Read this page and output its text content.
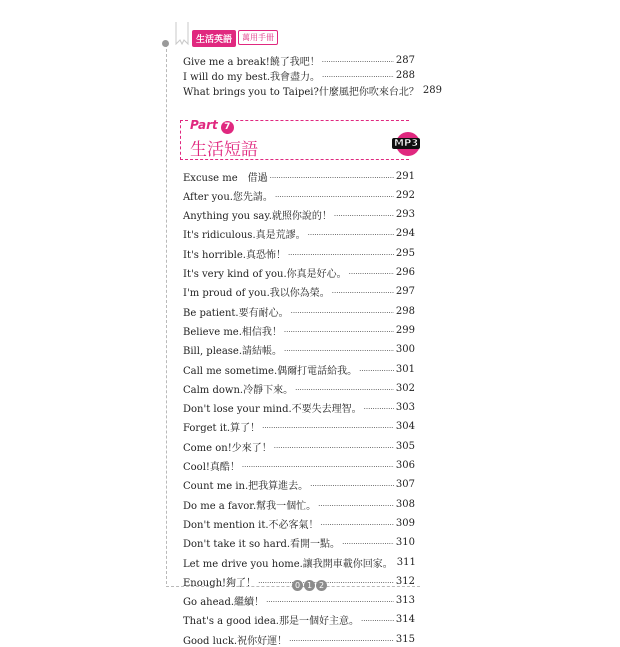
生活英語	萬用手冊
Give me a break!饒了我吧！ .....	287
I will do my best.我會盡力。 .....	288
What brings you to Taipei?什麼風把你吹來台北？ 289
Part 7
生活短語	MP3
Excuse me　借過 .....	291
After you.您先請。 .....	292
Anything you say.就照你說的！ .....	293
It's ridiculous.真是荒謬。 .....	294
It's horrible.真恐怖！ .....	295
It's very kind of you.你真是好心。 .....	296
I'm proud of you.我以你為榮。 .....	297
Be patient.要有耐心。 .....	298
Believe me.相信我！ .....	299
Bill, please.請結帳。 .....	300
Call me sometime.偶爾打電話給我。 .....	301
Calm down.冷靜下來。 .....	302
Don't lose your mind.不要失去理智。 .....	303
Forget it.算了！ .....	304
Come on!少來了！ .....	305
Cool!真酷！ .....	306
Count me in.把我算進去。 .....	307
Do me a favor.幫我一個忙。 .....	308
Don't mention it.不必客氣！ .....	309
Don't take it so hard.看開一點。 .....	310
Let me drive you home.讓我開車載你回家。 311
Enough!夠了！ .....	312
Go ahead.繼續！ .....	313
That's a good idea.那是一個好主意。 .....	314
Good luck.祝你好運！ .....	315
0 1 2
